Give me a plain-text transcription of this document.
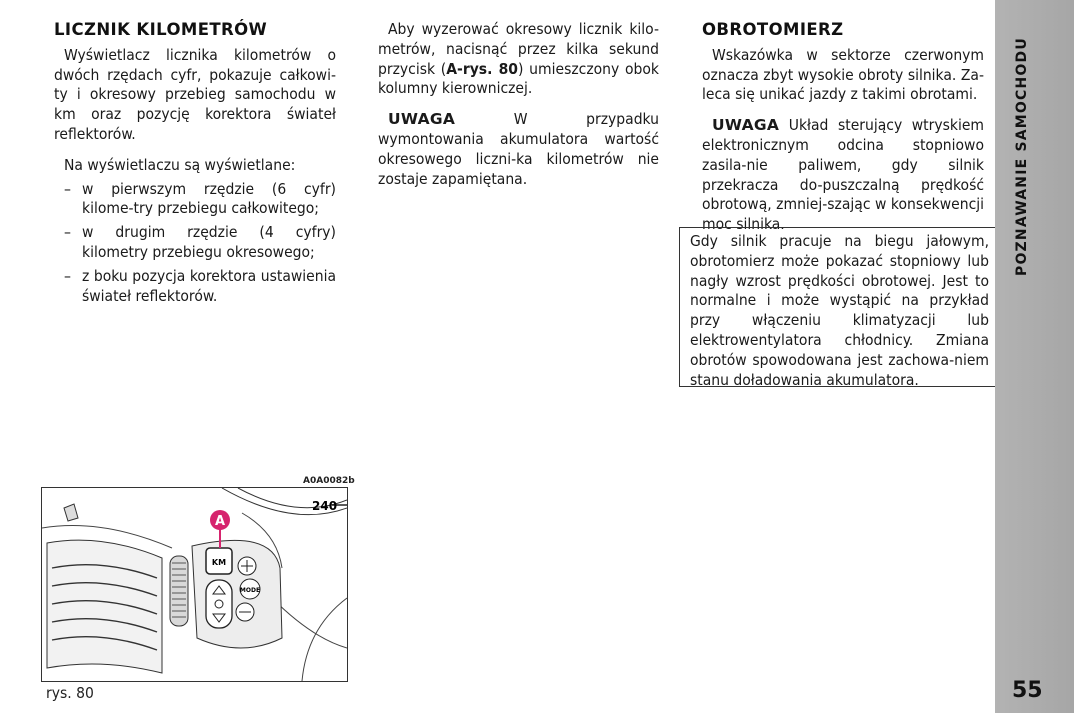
LICZNIK KILOMETRÓW

Wyświetlacz licznika kilometrów o dwóch rzędach cyfr, pokazuje całkowi-ty i okresowy przebieg samochodu w km oraz pozycję korektora świateł reflektorów.

Na wyświetlaczu są wyświetlane:

– w pierwszym rzędzie (6 cyfr) kilome-try przebiegu całkowitego;
– w drugim rzędzie (4 cyfry) kilometry przebiegu okresowego;
– z boku pozycja korektora ustawienia świateł reflektorów.

Aby wyzerować okresowy licznik kilo-metrów, nacisnąć przez kilka sekund przycisk (A-rys. 80) umieszczony obok kolumny kierowniczej.

UWAGA W przypadku wymontowania akumulatora wartość okresowego liczni-ka kilometrów nie zostaje zapamiętana.

OBROTOMIERZ

Wskazówka w sektorze czerwonym oznacza zbyt wysokie obroty silnika. Za-leca się unikać jazdy z takimi obrotami.

UWAGA Układ sterujący wtryskiem elektronicznym odcina stopniowo zasila-nie paliwem, gdy silnik przekracza do-puszczalną prędkość obrotową, zmniej-szając w konsekwencji moc silnika.

Gdy silnik pracuje na biegu jałowym, obrotomierz może pokazać stopniowy lub nagły wzrost prędkości obrotowej. Jest to normalne i może wystąpić na przykład przy włączeniu klimatyzacji lub elektrowentylatora chłodnicy. Zmiana obrotów spowodowana jest zachowa-niem stanu doładowania akumulatora.
A0A0082b
KM
MODE
A
240
rys. 80
POZNAWANIE SAMOCHODU
55
